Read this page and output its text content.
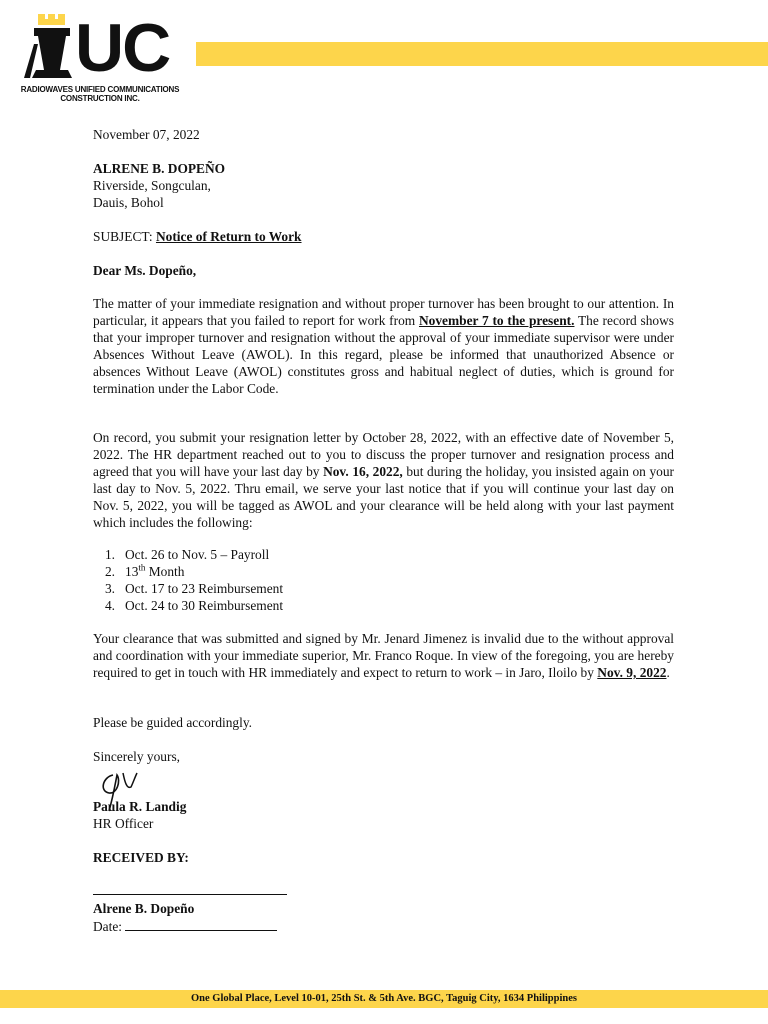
UC
RADIOWAVES UNIFIED COMMUNICATIONS
CONSTRUCTION INC.
November 07, 2022
ALRENE B. DOPEÑO
Riverside, Songculan,
Dauis, Bohol
SUBJECT: Notice of Return to Work
Dear Ms. Dopeño,
The matter of your immediate resignation and without proper turnover has been brought to our attention. In particular, it appears that you failed to report for work from November 7 to the present. The record shows that your improper turnover and resignation without the approval of your immediate supervisor were under Absences Without Leave (AWOL). In this regard, please be informed that unauthorized Absence or absences Without Leave (AWOL) constitutes gross and habitual neglect of duties, which is ground for termination under the Labor Code.
On record, you submit your resignation letter by October 28, 2022, with an effective date of November 5, 2022. The HR department reached out to you to discuss the proper turnover and resignation process and agreed that you will have your last day by Nov. 16, 2022, but during the holiday, you insisted again on your last day to Nov. 5, 2022. Thru email, we serve your last notice that if you will continue your last day on Nov. 5, 2022, you will be tagged as AWOL and your clearance will be held along with your last payment which includes the following:
1. Oct. 26 to Nov. 5 – Payroll
2. 13th Month
3. Oct. 17 to 23 Reimbursement
4. Oct. 24 to 30 Reimbursement
Your clearance that was submitted and signed by Mr. Jenard Jimenez is invalid due to the without approval and coordination with your immediate superior, Mr. Franco Roque. In view of the foregoing, you are hereby required to get in touch with HR immediately and expect to return to work – in Jaro, Iloilo by Nov. 9, 2022.
Please be guided accordingly.
Sincerely yours,
Paula R. Landig
HR Officer
RECEIVED BY:
Alrene B. Dopeño
Date:
One Global Place, Level 10-01, 25th St. & 5th Ave. BGC, Taguig City, 1634 Philippines
